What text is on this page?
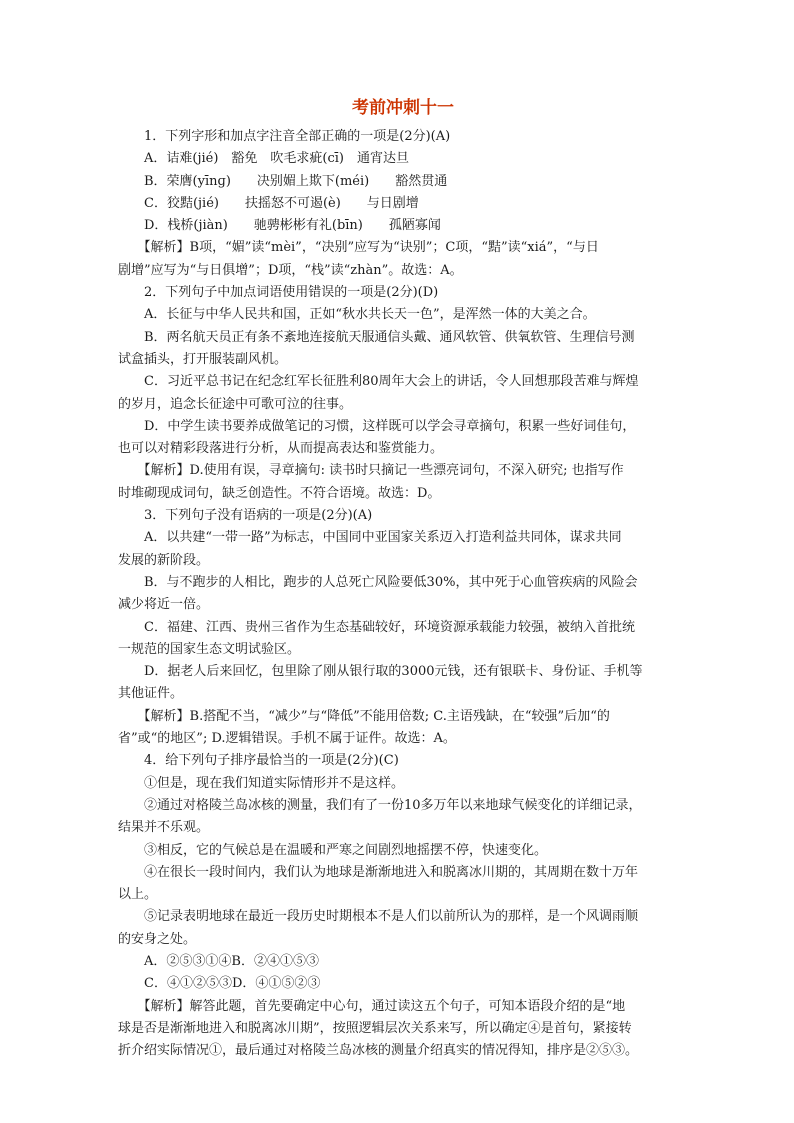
考前冲刺十一

1．下列字形和加点字注音全部正确的一项是(2分)(A)

A．诘难(jié)　豁免　吹毛求疵(cī)　通宵达旦

B．荣膺(yīnɡ)　　决别媚上欺下(méi)　　豁然贯通

C．狡黠(jié)　　扶摇怒不可遏(è)　　与日剧增

D．栈桥(jiàn)　　驰骋彬彬有礼(bīn)　　孤陋寡闻

【解析】B项，“媚”读“mèi”，“决别”应写为“诀别”；C项，“黠”读“xiá”，“与日

剧增”应写为“与日俱增”；D项，“栈”读“zhàn”。故选：A。

2．下列句子中加点词语使用错误的一项是(2分)(D)

A．长征与中华人民共和国，正如“秋水共长天一色”，是浑然一体的大美之合。

B．两名航天员正有条不紊地连接航天服通信头戴、通风软管、供氧软管、生理信号测

试盒插头，打开服装副风机。

C．习近平总书记在纪念红军长征胜利80周年大会上的讲话，令人回想那段苦难与辉煌

的岁月，追念长征途中可歌可泣的往事。

D．中学生读书要养成做笔记的习惯，这样既可以学会寻章摘句，积累一些好词佳句，

也可以对精彩段落进行分析，从而提高表达和鉴赏能力。

【解析】D.使用有误，寻章摘句: 读书时只摘记一些漂亮词句，不深入研究; 也指写作

时堆砌现成词句，缺乏创造性。不符合语境。故选：D。

3．下列句子没有语病的一项是(2分)(A)

A．以共建“一带一路”为标志，中国同中亚国家关系迈入打造利益共同体，谋求共同

发展的新阶段。

B．与不跑步的人相比，跑步的人总死亡风险要低30%，其中死于心血管疾病的风险会

减少将近一倍。

C．福建、江西、贵州三省作为生态基础较好，环境资源承载能力较强，被纳入首批统

一规范的国家生态文明试验区。

D．据老人后来回忆，包里除了刚从银行取的3000元钱，还有银联卡、身份证、手机等

其他证件。

【解析】B.搭配不当，“减少”与“降低”不能用倍数; C.主语残缺，在“较强”后加“的

省”或“的地区”; D.逻辑错误。手机不属于证件。故选：A。

4．给下列句子排序最恰当的一项是(2分)(C)

①但是，现在我们知道实际情形并不是这样。

②通过对格陵兰岛冰核的测量，我们有了一份10多万年以来地球气候变化的详细记录，

结果并不乐观。

③相反，它的气候总是在温暖和严寒之间剧烈地摇摆不停，快速变化。

④在很长一段时间内，我们认为地球是渐渐地进入和脱离冰川期的，其周期在数十万年

以上。

⑤记录表明地球在最近一段历史时期根本不是人们以前所认为的那样，是一个风调雨顺

的安身之处。

A．②⑤③①④B．②④①⑤③

C．④①②⑤③D．④①⑤②③

【解析】解答此题，首先要确定中心句，通过读这五个句子，可知本语段介绍的是“地

球是否是渐渐地进入和脱离冰川期”，按照逻辑层次关系来写，所以确定④是首句，紧接转

折介绍实际情况①，最后通过对格陵兰岛冰核的测量介绍真实的情况得知，排序是②⑤③。
